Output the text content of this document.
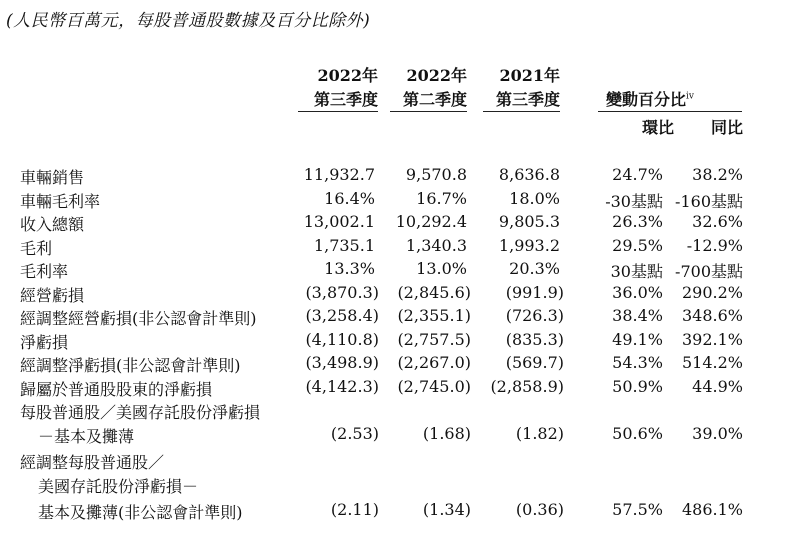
(人民幣百萬元，每股普通股數據及百分比除外)
2022年
第三季度
2022年
第二季度
2021年
第三季度	變動百分比$^{iv}$
環比 同比
車輛銷售	11,932.7 9,570.8 8,636.8	24.7% 38.2%
車輛毛利率	16.4%	16.7%	18.0%	-30基點 -160基點
收入總額	13,002.1 10,292.4 9,805.3	26.3% 32.6%
毛利	1,735.1 1,340.3 1,993.2	29.5% -12.9%
毛利率	13.3%	13.0%	20.3%	30基點 -700基點
經營虧損	(3,870.3) (2,845.6) (991.9)	36.0% 290.2%
經調整經營虧損(非公認會計準則)	(3,258.4) (2,355.1) (726.3)	38.4% 348.6%
淨虧損	(4,110.8) (2,757.5) (835.3)	49.1% 392.1%
經調整淨虧損(非公認會計準則)	(3,498.9) (2,267.0) (569.7)	54.3% 514.2%
歸屬於普通股股東的淨虧損	(4,142.3) (2,745.0) (2,858.9)	50.9% 44.9%
每股普通股／美國存託股份淨虧損
－基本及攤薄	(2.53)	(1.68)	(1.82)	50.6% 39.0%
經調整每股普通股／
美國存託股份淨虧損－
基本及攤薄(非公認會計準則)	(2.11)	(1.34)	(0.36)	57.5% 486.1%
